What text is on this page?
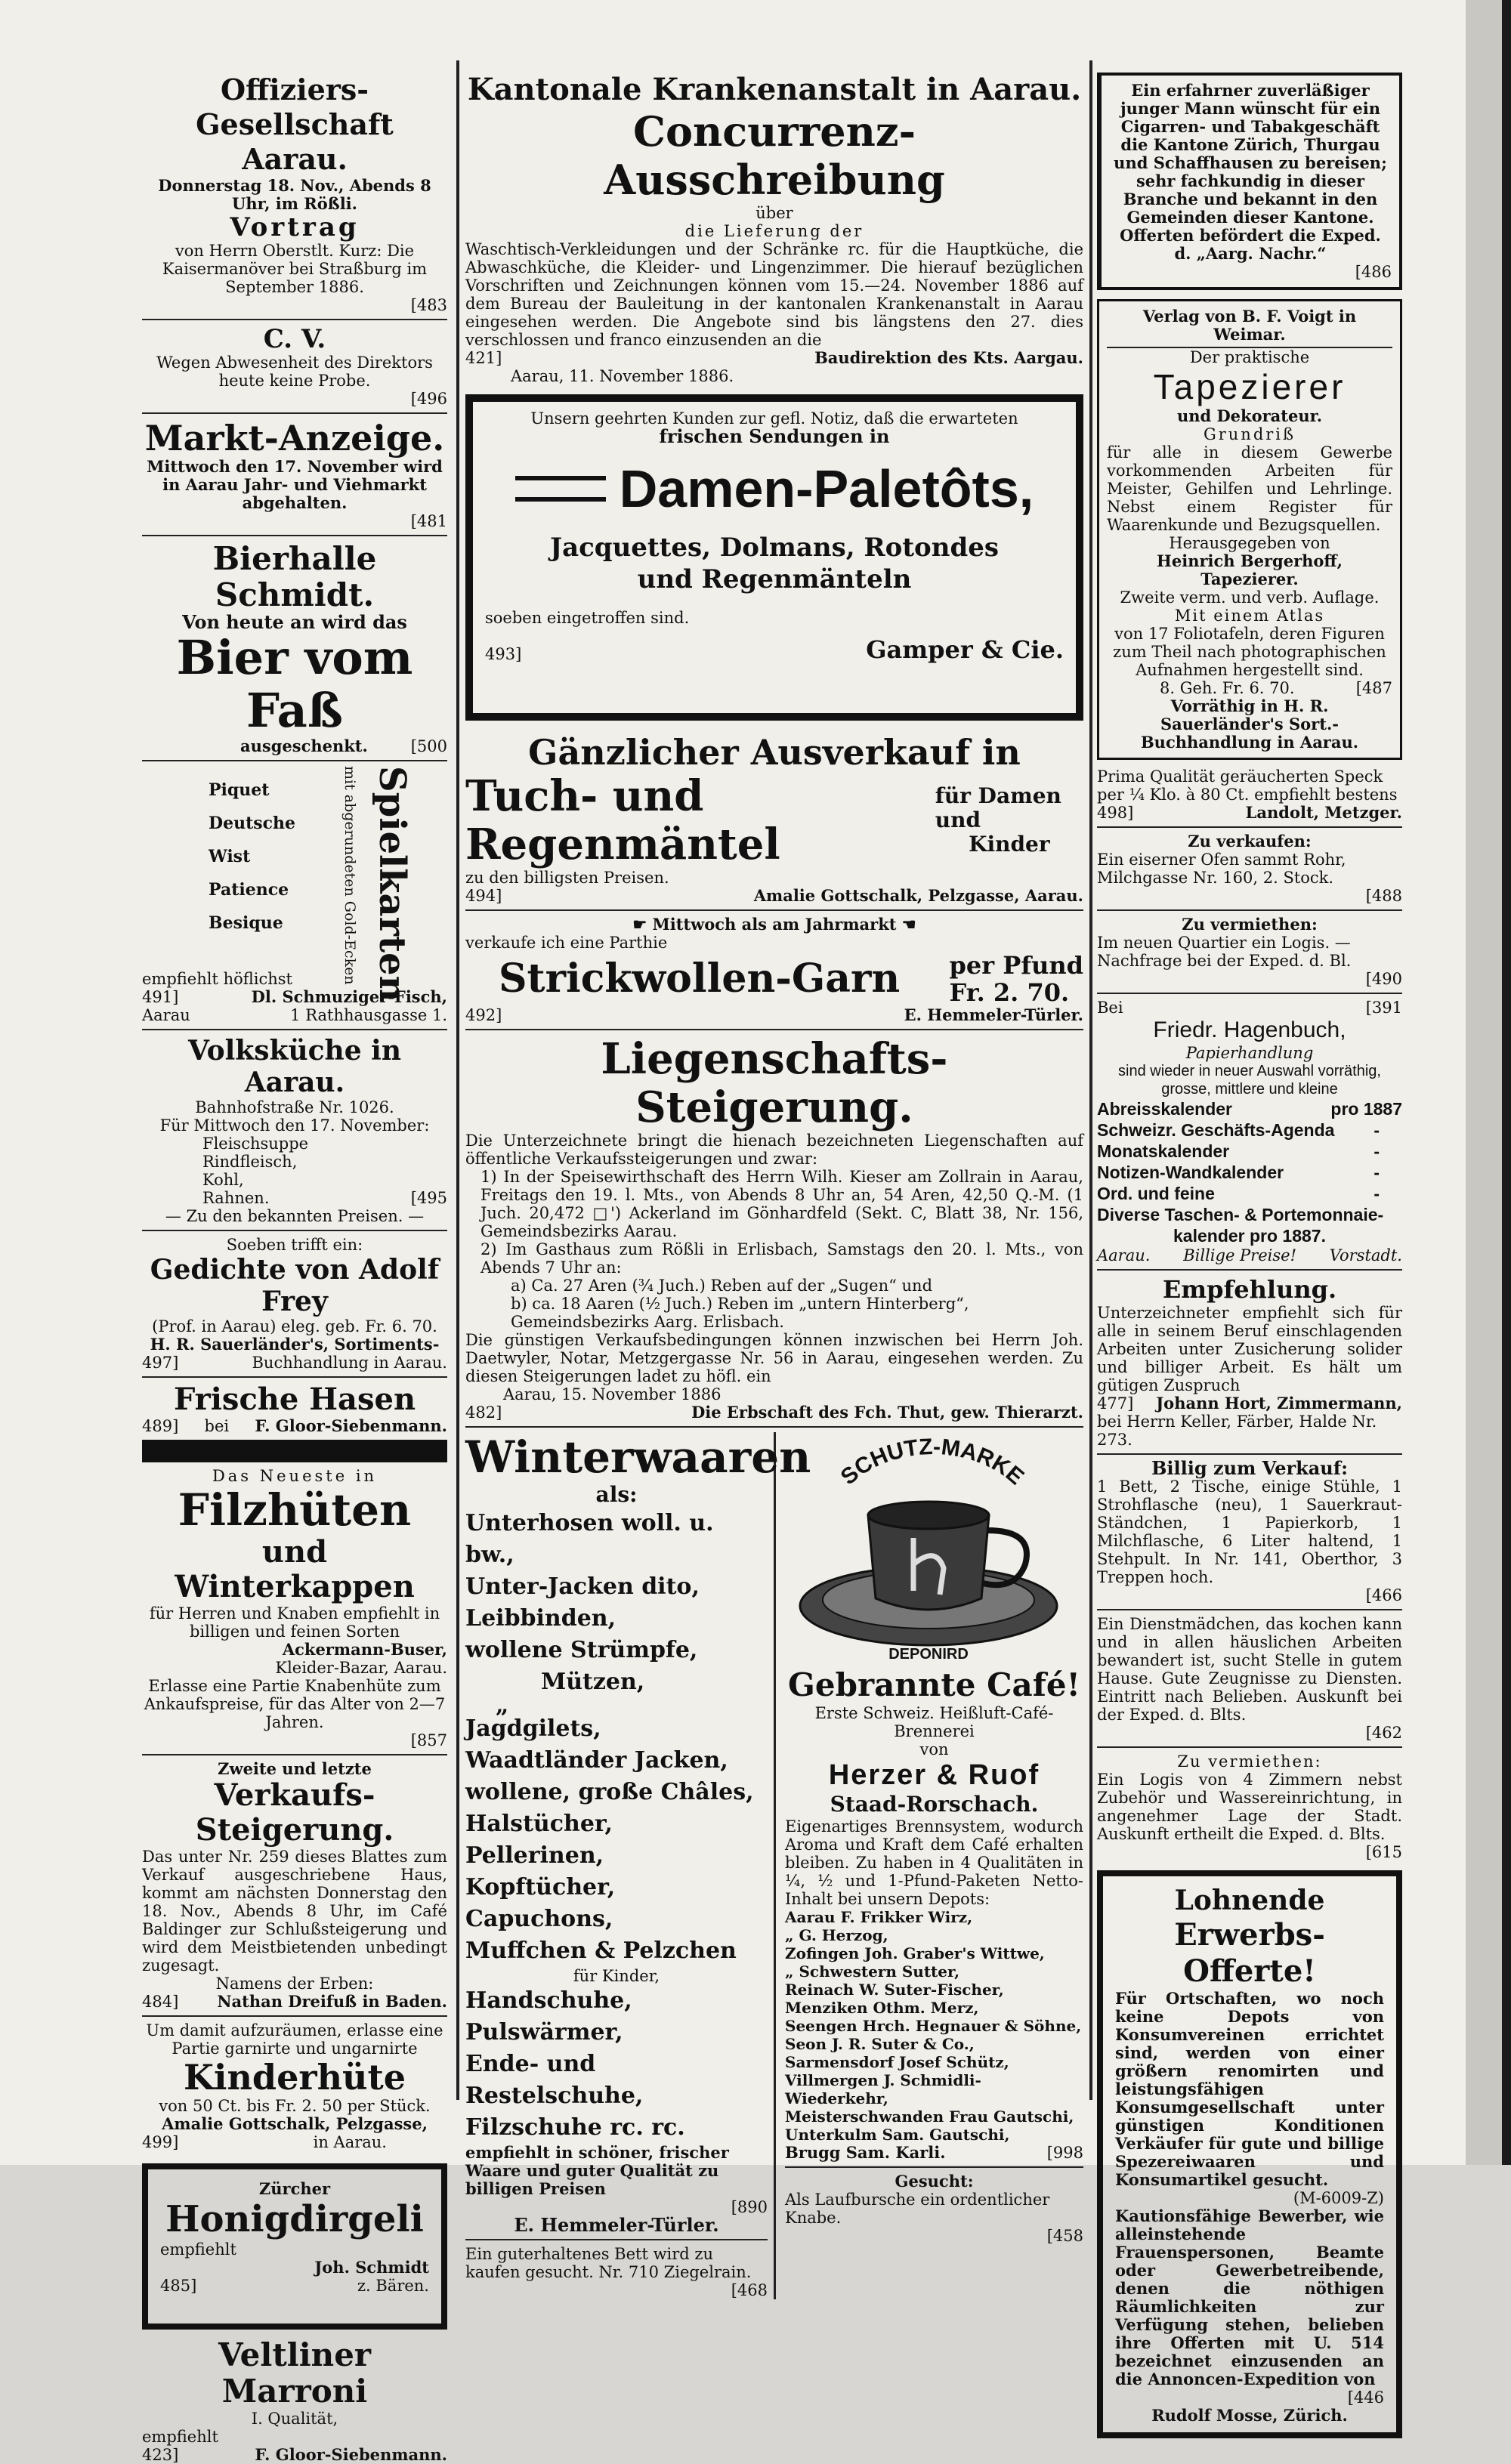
Offiziers-Gesellschaft Aarau.
Donnerstag 18. Nov., Abends 8 Uhr, im Rößli.
Vortrag
von Herrn Oberstlt. Kurz: Die Kaisermanöver bei Straßburg im September 1886.
[483
C. V.
Wegen Abwesenheit des Direktors heute keine Probe.
[496
Markt-Anzeige.
Mittwoch den 17. November wird in Aarau Jahr- und Viehmarkt abgehalten.
[481
Bierhalle Schmidt.
Von heute an wird das
Bier vom Faß
ausgeschenkt.	[500
Piquet
Deutsche
Wist
Patience
Besique	mit abgerundeten Gold-Ecken Spielkarten
empfiehlt höflichst
491]	Dl. Schmuziger-Fisch,
Aarau	1 Rathhausgasse 1.
Volksküche in Aarau.
Bahnhofstraße Nr. 1026.
Für Mittwoch den 17. November:
Fleischsuppe
Rindfleisch,
Kohl,
Rahnen.	[495
— Zu den bekannten Preisen. —
Soeben trifft ein:
Gedichte von Adolf Frey
(Prof. in Aarau) eleg. geb. Fr. 6. 70.
H. R. Sauerländer's, Sortiments-
497]	Buchhandlung in Aarau.
Frische Hasen
489] bei F. Gloor-Siebenmann.
Das Neueste in
Filzhüten
und Winterkappen
für Herren und Knaben empfiehlt in billigen und feinen Sorten
Ackermann-Buser,
Kleider-Bazar, Aarau.
Erlasse eine Partie Knabenhüte zum Ankaufspreise, für das Alter von 2—7 Jahren.
[857
Zweite und letzte
Verkaufs-Steigerung.
Das unter Nr. 259 dieses Blattes zum Verkauf ausgeschriebene Haus, kommt am nächsten Donnerstag den 18. Nov., Abends 8 Uhr, im Café Baldinger zur Schlußsteigerung und wird dem Meistbietenden unbedingt zugesagt.
Namens der Erben:
484] Nathan Dreifuß in Baden.
Um damit aufzuräumen, erlasse eine Partie garnirte und ungarnirte
Kinderhüte
von 50 Ct. bis Fr. 2. 50 per Stück.
Amalie Gottschalk, Pelzgasse,
499]	in Aarau.
Zürcher
Honigdirgeli
empfiehlt
Joh. Schmidt
485]	z. Bären.
Veltliner Marroni
I. Qualität,
empfiehlt
423]	F. Gloor-Siebenmann.
Kantonale Krankenanstalt in Aarau.
Concurrenz-Ausschreibung
über
die Lieferung der
Waschtisch-Verkleidungen und der Schränke rc. für die Hauptküche, die Abwaschküche, die Kleider- und Lingenzimmer. Die hierauf bezüglichen Vorschriften und Zeichnungen können vom 15.—24. November 1886 auf dem Bureau der Bauleitung in der kantonalen Krankenanstalt in Aarau eingesehen werden. Die Angebote sind bis längstens den 27. dies verschlossen und franco einzusenden an die
421]	Baudirektion des Kts. Aargau.
Aarau, 11. November 1886.
Unsern geehrten Kunden zur gefl. Notiz, daß die erwarteten
frischen Sendungen in
Damen-Paletôts,
Jacquettes, Dolmans, Rotondes
und Regenmänteln
soeben eingetroffen sind.
493]	Gamper & Cie.
Gänzlicher Ausverkauf in
Tuch- und Regenmäntel
für Damen und
Kinder
zu den billigsten Preisen.
494]	Amalie Gottschalk, Pelzgasse, Aarau.
☛ Mittwoch als am Jahrmarkt ☚
verkaufe ich eine Parthie
Strickwollen-Garn per Pfund
Fr. 2. 70.
492]	E. Hemmeler-Türler.
Liegenschafts-Steigerung.
Die Unterzeichnete bringt die hienach bezeichneten Liegenschaften auf öffentliche Verkaufssteigerungen und zwar:
1) In der Speisewirthschaft des Herrn Wilh. Kieser am Zollrain in Aarau, Freitags den 19. l. Mts., von Abends 8 Uhr an, 54 Aren, 42,50 Q.-M. (1 Juch. 20,472 □') Ackerland im Gönhardfeld (Sekt. C, Blatt 38, Nr. 156, Gemeindsbezirks Aarau.
2) Im Gasthaus zum Rößli in Erlisbach, Samstags den 20. l. Mts., von Abends 7 Uhr an:
a) Ca. 27 Aren (¾ Juch.) Reben auf der „Sugen“ und
b) ca. 18 Aaren (½ Juch.) Reben im „untern Hinterberg“, Gemeindsbezirks Aarg. Erlisbach.
Die günstigen Verkaufsbedingungen können inzwischen bei Herrn Joh. Daetwyler, Notar, Metzgergasse Nr. 56 in Aarau, eingesehen werden. Zu diesen Steigerungen ladet zu höfl. ein
Aarau, 15. November 1886
482]	Die Erbschaft des Fch. Thut, gew. Thierarzt.
Winterwaaren
als:
Unterhosen woll. u. bw.,
Unter-Jacken dito,
Leibbinden,
wollene Strümpfe,
Mützen,
„
Jagdgilets,
Waadtländer Jacken,
wollene, große Châles,
Halstücher,
Pellerinen,
Kopftücher,
Capuchons,
Muffchen & Pelzchen
für Kinder,
Handschuhe,
Pulswärmer,
Ende- und Restelschuhe,
Filzschuhe rc. rc.
empfiehlt in schöner, frischer Waare und guter Qualität zu billigen Preisen
[890
E. Hemmeler-Türler.
Ein guterhaltenes Bett wird zu kaufen gesucht. Nr. 710 Ziegelrain.
[468
SCHUTZ-MARKE
DEPONIRD
Gebrannte Café!
Erste Schweiz. Heißluft-Café-Brennerei
von
Herzer & Ruof
Staad-Rorschach.
Eigenartiges Brennsystem, wodurch Aroma und Kraft dem Café erhalten bleiben. Zu haben in 4 Qualitäten in ¼, ½ und 1-Pfund-Paketen Netto-Inhalt bei unsern Depots:
Aarau F. Frikker Wirz,
„ G. Herzog,
Zofingen Joh. Graber's Wittwe,
„ Schwestern Sutter,
Reinach W. Suter-Fischer,
Menziken Othm. Merz,
Seengen Hrch. Hegnauer & Söhne,
Seon J. R. Suter & Co.,
Sarmensdorf Josef Schütz,
Villmergen J. Schmidli-Wiederkehr,
Meisterschwanden Frau Gautschi,
Unterkulm Sam. Gautschi,
Brugg Sam. Karli.	[998
Gesucht:
Als Laufbursche ein ordentlicher Knabe.
[458
Ein erfahrner zuverläßiger junger Mann wünscht für ein Cigarren- und Tabakgeschäft die Kantone Zürich, Thurgau und Schaffhausen zu bereisen; sehr fachkundig in dieser Branche und bekannt in den Gemeinden dieser Kantone. Offerten befördert die Exped. d. „Aarg. Nachr.“
[486
Verlag von B. F. Voigt in Weimar.
Der praktische
Tapezierer
und Dekorateur.
Grundriß
für alle in diesem Gewerbe vorkommenden Arbeiten für Meister, Gehilfen und Lehrlinge. Nebst einem Register für Waarenkunde und Bezugsquellen.
Herausgegeben von
Heinrich Bergerhoff, Tapezierer.
Zweite verm. und verb. Auflage.
Mit einem Atlas
von 17 Foliotafeln, deren Figuren zum Theil nach photographischen Aufnahmen hergestellt sind.
8. Geh. Fr. 6. 70.	[487
Vorräthig in H. R. Sauerländer's Sort.-Buchhandlung in Aarau.
Prima Qualität geräucherten Speck per ¼ Klo. à 80 Ct. empfiehlt bestens
498]	Landolt, Metzger.
Zu verkaufen:
Ein eiserner Ofen sammt Rohr, Milchgasse Nr. 160, 2. Stock.
[488
Zu vermiethen:
Im neuen Quartier ein Logis. — Nachfrage bei der Exped. d. Bl.
[490
Bei	[391
Friedr. Hagenbuch,
Papierhandlung
sind wieder in neuer Auswahl vorräthig, grosse, mittlere und kleine
Abreisskalender	pro 1887
Schweizr. Geschäfts-Agenda -
Monatskalender	-
Notizen-Wandkalender	-
Ord. und feine	-
Diverse Taschen- & Portemonnaie-
kalender pro 1887.
Aarau. Billige Preise! Vorstadt.
Empfehlung.
Unterzeichneter empfiehlt sich für alle in seinem Beruf einschlagenden Arbeiten unter Zusicherung solider und billiger Arbeit. Es hält um gütigen Zuspruch
477] Johann Hort, Zimmermann,
bei Herrn Keller, Färber, Halde Nr. 273.
Billig zum Verkauf:
1 Bett, 2 Tische, einige Stühle, 1 Strohflasche (neu), 1 Sauerkraut-Ständchen, 1 Papierkorb, 1 Milchflasche, 6 Liter haltend, 1 Stehpult. In Nr. 141, Oberthor, 3 Treppen hoch.
[466
Ein Dienstmädchen, das kochen kann und in allen häuslichen Arbeiten bewandert ist, sucht Stelle in gutem Hause. Gute Zeugnisse zu Diensten. Eintritt nach Belieben. Auskunft bei der Exped. d. Blts.
[462
Zu vermiethen:
Ein Logis von 4 Zimmern nebst Zubehör und Wassereinrichtung, in angenehmer Lage der Stadt. Auskunft ertheilt die Exped. d. Blts.
[615
Lohnende
Erwerbs-Offerte!
Für Ortschaften, wo noch keine Depots von Konsumvereinen errichtet sind, werden von einer größern renomirten und leistungsfähigen Konsumgesellschaft unter günstigen Konditionen Verkäufer für gute und billige Spezereiwaaren und Konsumartikel gesucht.
(M-6009-Z)
Kautionsfähige Bewerber, wie alleinstehende Frauenspersonen, Beamte oder Gewerbetreibende, denen die nöthigen Räumlichkeiten zur Verfügung stehen, belieben ihre Offerten mit U. 514 bezeichnet einzusenden an die Annoncen-Expedition von
[446
Rudolf Mosse, Zürich.
